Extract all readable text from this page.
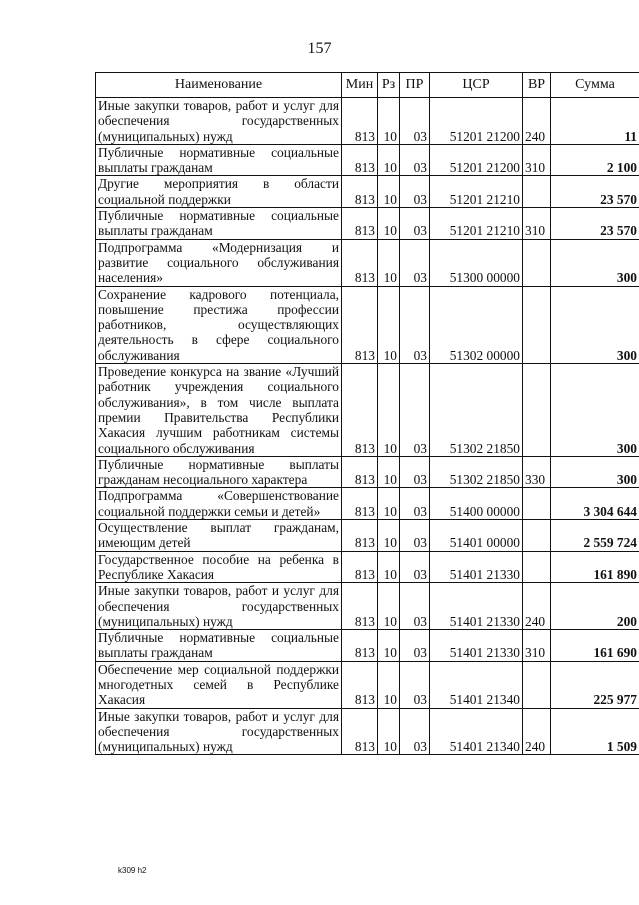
157
Наименование	Мин	Рз	ПР	ЦСР	ВР	Сумма
Иные закупки товаров, работ и услуг для обеспечения государственных (муниципальных) нужд	813	10	03	51201 21200	240	11
Публичные нормативные социальные выплаты гражданам	813	10	03	51201 21200	310	2 100
Другие мероприятия в области социальной поддержки	813	10	03	51201 21210		23 570
Публичные нормативные социальные выплаты гражданам	813	10	03	51201 21210	310	23 570
Подпрограмма «Модернизация и развитие социального обслуживания населения»	813	10	03	51300 00000		300
Сохранение кадрового потенциала, повышение престижа профессии работников, осуществляющих деятельность в сфере социального обслуживания	813	10	03	51302 00000		300
Проведение конкурса на звание «Лучший работник учреждения социального обслуживания», в том числе выплата премии Правительства Республики Хакасия лучшим работникам системы социального обслуживания	813	10	03	51302 21850		300
Публичные нормативные выплаты гражданам несоциального характера	813	10	03	51302 21850	330	300
Подпрограмма «Совершенствование социальной поддержки семьи и детей»	813	10	03	51400 00000		3 304 644
Осуществление выплат гражданам, имеющим детей	813	10	03	51401 00000		2 559 724
Государственное пособие на ребенка в Республике Хакасия	813	10	03	51401 21330		161 890
Иные закупки товаров, работ и услуг для обеспечения государственных (муниципальных) нужд	813	10	03	51401 21330	240	200
Публичные нормативные социальные выплаты гражданам	813	10	03	51401 21330	310	161 690
Обеспечение мер социальной поддержки многодетных семей в Республике Хакасия	813	10	03	51401 21340		225 977
Иные закупки товаров, работ и услуг для обеспечения государственных (муниципальных) нужд	813	10	03	51401 21340	240	1 509
k309 h2
